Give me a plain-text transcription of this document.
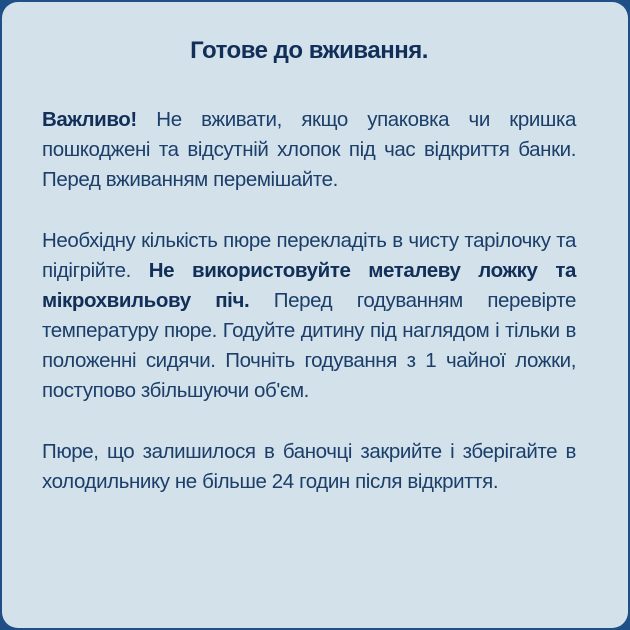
Готове до вживання.

Важливо! Не вживати, якщо упаковка чи кришка пошкоджені та відсутній хлопок під час відкриття банки. Перед вживанням перемішайте.

Необхідну кількість пюре перекладіть в чисту тарілочку та підігрійте. Не використовуйте металеву ложку та мікрохвильову піч. Перед годуванням перевірте температуру пюре. Годуйте дитину під наглядом і тільки в положенні сидячи. Почніть годування з 1 чайної ложки, поступово збільшуючи об'єм.

Пюре, що залишилося в баночці закрийте і зберігайте в холодильнику не більше 24 годин після відкриття.
